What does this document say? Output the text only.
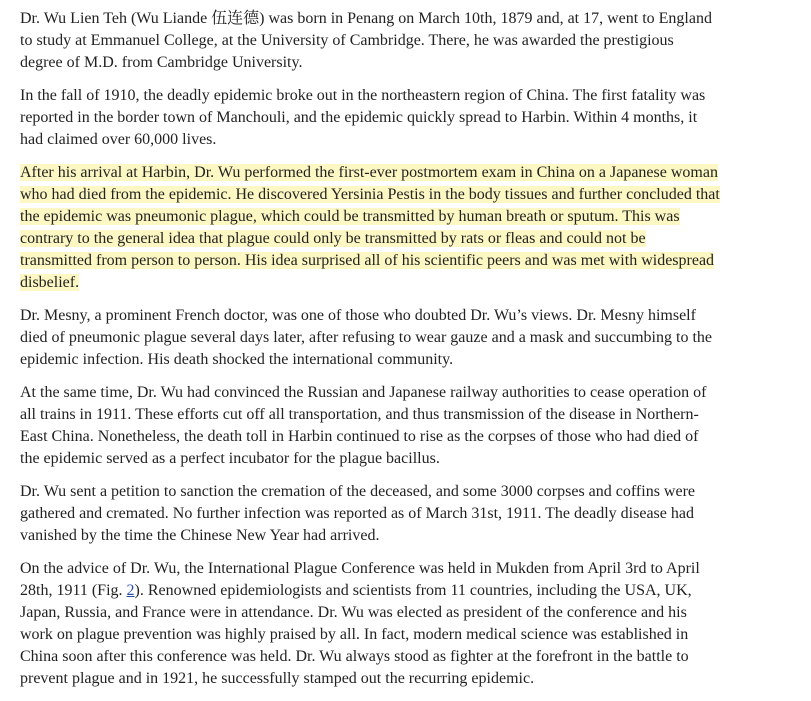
Dr. Wu Lien Teh (Wu Liande 伍连德) was born in Penang on March 10th, 1879 and, at 17, went to England to study at Emmanuel College, at the University of Cambridge. There, he was awarded the prestigious degree of M.D. from Cambridge University.

In the fall of 1910, the deadly epidemic broke out in the northeastern region of China. The first fatality was reported in the border town of Manchouli, and the epidemic quickly spread to Harbin. Within 4 months, it had claimed over 60,000 lives.

After his arrival at Harbin, Dr. Wu performed the first-ever postmortem exam in China on a Japanese woman who had died from the epidemic. He discovered Yersinia Pestis in the body tissues and further concluded that the epidemic was pneumonic plague, which could be transmitted by human breath or sputum. This was contrary to the general idea that plague could only be transmitted by rats or fleas and could not be transmitted from person to person. His idea surprised all of his scientific peers and was met with widespread disbelief.

Dr. Mesny, a prominent French doctor, was one of those who doubted Dr. Wu’s views. Dr. Mesny himself died of pneumonic plague several days later, after refusing to wear gauze and a mask and succumbing to the epidemic infection. His death shocked the international community.

At the same time, Dr. Wu had convinced the Russian and Japanese railway authorities to cease operation of all trains in 1911. These efforts cut off all transportation, and thus transmission of the disease in Northern-East China. Nonetheless, the death toll in Harbin continued to rise as the corpses of those who had died of the epidemic served as a perfect incubator for the plague bacillus.

Dr. Wu sent a petition to sanction the cremation of the deceased, and some 3000 corpses and coffins were gathered and cremated. No further infection was reported as of March 31st, 1911. The deadly disease had vanished by the time the Chinese New Year had arrived.

On the advice of Dr. Wu, the International Plague Conference was held in Mukden from April 3rd to April 28th, 1911 (Fig. 2). Renowned epidemiologists and scientists from 11 countries, including the USA, UK, Japan, Russia, and France were in attendance. Dr. Wu was elected as president of the conference and his work on plague prevention was highly praised by all. In fact, modern medical science was established in China soon after this conference was held. Dr. Wu always stood as fighter at the forefront in the battle to prevent plague and in 1921, he successfully stamped out the recurring epidemic.
